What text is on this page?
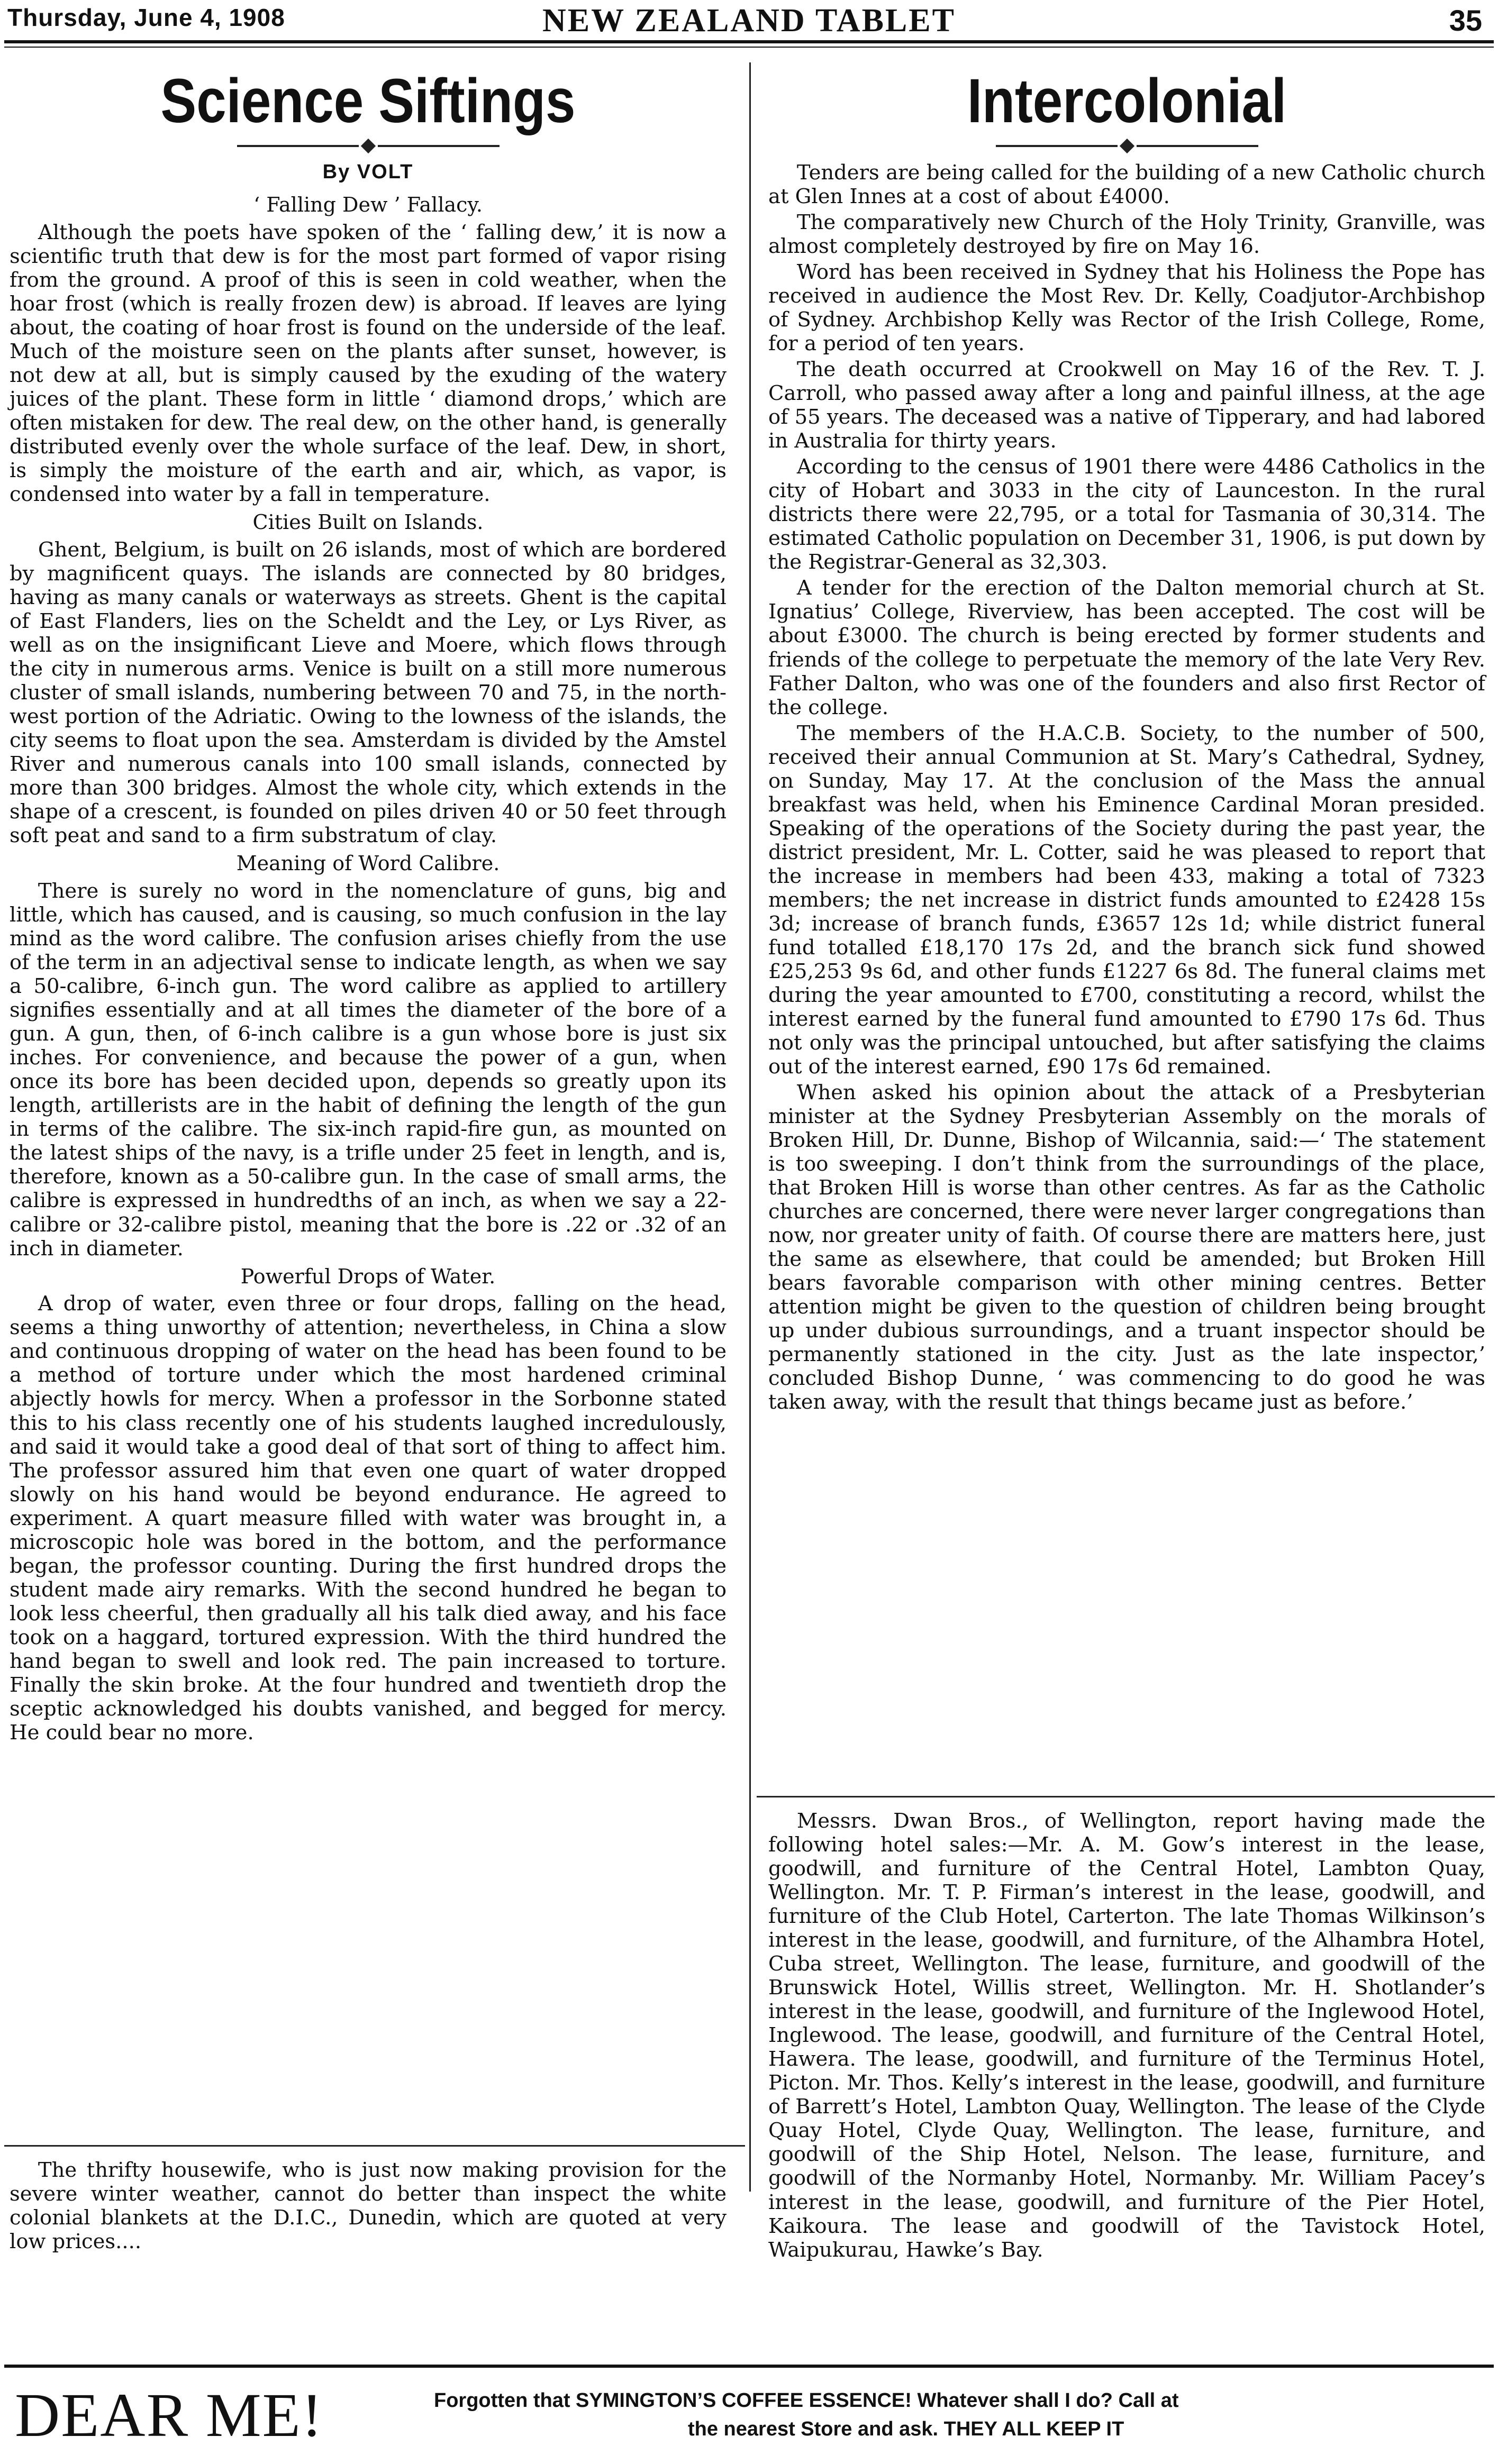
Thursday, June 4, 1908	NEW ZEALAND TABLET	35
Science Siftings
By VOLT
‘ Falling Dew ’ Fallacy.

Although the poets have spoken of the ‘ falling dew,’ it is now a scientific truth that dew is for the most part formed of vapor rising from the ground. A proof of this is seen in cold weather, when the hoar frost (which is really frozen dew) is abroad. If leaves are lying about, the coating of hoar frost is found on the underside of the leaf. Much of the moisture seen on the plants after sunset, however, is not dew at all, but is simply caused by the exuding of the watery juices of the plant. These form in little ‘ diamond drops,’ which are often mistaken for dew. The real dew, on the other hand, is generally distributed evenly over the whole surface of the leaf. Dew, in short, is simply the moisture of the earth and air, which, as vapor, is condensed into water by a fall in temperature.

Cities Built on Islands.

Ghent, Belgium, is built on 26 islands, most of which are bordered by magnificent quays. The islands are connected by 80 bridges, having as many canals or waterways as streets. Ghent is the capital of East Flanders, lies on the Scheldt and the Ley, or Lys River, as well as on the insignificant Lieve and Moere, which flows through the city in numerous arms. Venice is built on a still more numerous cluster of small islands, numbering between 70 and 75, in the north-west portion of the Adriatic. Owing to the lowness of the islands, the city seems to float upon the sea. Amsterdam is divided by the Amstel River and numerous canals into 100 small islands, connected by more than 300 bridges. Almost the whole city, which extends in the shape of a crescent, is founded on piles driven 40 or 50 feet through soft peat and sand to a firm substratum of clay.

Meaning of Word Calibre.

There is surely no word in the nomenclature of guns, big and little, which has caused, and is causing, so much confusion in the lay mind as the word calibre. The confusion arises chiefly from the use of the term in an adjectival sense to indicate length, as when we say a 50-calibre, 6-inch gun. The word calibre as applied to artillery signifies essentially and at all times the diameter of the bore of a gun. A gun, then, of 6-inch calibre is a gun whose bore is just six inches. For convenience, and because the power of a gun, when once its bore has been decided upon, depends so greatly upon its length, artillerists are in the habit of defining the length of the gun in terms of the calibre. The six-inch rapid-fire gun, as mounted on the latest ships of the navy, is a trifle under 25 feet in length, and is, therefore, known as a 50-calibre gun. In the case of small arms, the calibre is expressed in hundredths of an inch, as when we say a 22-calibre or 32-calibre pistol, meaning that the bore is .22 or .32 of an inch in diameter.

Powerful Drops of Water.

A drop of water, even three or four drops, falling on the head, seems a thing unworthy of attention; nevertheless, in China a slow and continuous dropping of water on the head has been found to be a method of torture under which the most hardened criminal abjectly howls for mercy. When a professor in the Sorbonne stated this to his class recently one of his students laughed incredulously, and said it would take a good deal of that sort of thing to affect him. The professor assured him that even one quart of water dropped slowly on his hand would be beyond endurance. He agreed to experiment. A quart measure filled with water was brought in, a microscopic hole was bored in the bottom, and the performance began, the professor counting. During the first hundred drops the student made airy remarks. With the second hundred he began to look less cheerful, then gradually all his talk died away, and his face took on a haggard, tortured expression. With the third hundred the hand began to swell and look red. The pain increased to torture. Finally the skin broke. At the four hundred and twentieth drop the sceptic acknowledged his doubts vanished, and begged for mercy. He could bear no more.

The thrifty housewife, who is just now making provision for the severe winter weather, cannot do better than inspect the white colonial blankets at the D.I.C., Dunedin, which are quoted at very low prices....

Intercolonial

Tenders are being called for the building of a new Catholic church at Glen Innes at a cost of about £4000.

The comparatively new Church of the Holy Trinity, Granville, was almost completely destroyed by fire on May 16.

Word has been received in Sydney that his Holiness the Pope has received in audience the Most Rev. Dr. Kelly, Coadjutor-Archbishop of Sydney. Archbishop Kelly was Rector of the Irish College, Rome, for a period of ten years.

The death occurred at Crookwell on May 16 of the Rev. T. J. Carroll, who passed away after a long and painful illness, at the age of 55 years. The deceased was a native of Tipperary, and had labored in Australia for thirty years.

According to the census of 1901 there were 4486 Catholics in the city of Hobart and 3033 in the city of Launceston. In the rural districts there were 22,795, or a total for Tasmania of 30,314. The estimated Catholic population on December 31, 1906, is put down by the Registrar-General as 32,303.

A tender for the erection of the Dalton memorial church at St. Ignatius’ College, Riverview, has been accepted. The cost will be about £3000. The church is being erected by former students and friends of the college to perpetuate the memory of the late Very Rev. Father Dalton, who was one of the founders and also first Rector of the college.

The members of the H.A.C.B. Society, to the number of 500, received their annual Communion at St. Mary’s Cathedral, Sydney, on Sunday, May 17. At the conclusion of the Mass the annual breakfast was held, when his Eminence Cardinal Moran presided. Speaking of the operations of the Society during the past year, the district president, Mr. L. Cotter, said he was pleased to report that the increase in members had been 433, making a total of 7323 members; the net increase in district funds amounted to £2428 15s 3d; increase of branch funds, £3657 12s 1d; while district funeral fund totalled £18,170 17s 2d, and the branch sick fund showed £25,253 9s 6d, and other funds £1227 6s 8d. The funeral claims met during the year amounted to £700, constituting a record, whilst the interest earned by the funeral fund amounted to £790 17s 6d. Thus not only was the principal untouched, but after satisfying the claims out of the interest earned, £90 17s 6d remained.

When asked his opinion about the attack of a Presbyterian minister at the Sydney Presbyterian Assembly on the morals of Broken Hill, Dr. Dunne, Bishop of Wilcannia, said:—‘ The statement is too sweeping. I don’t think from the surroundings of the place, that Broken Hill is worse than other centres. As far as the Catholic churches are concerned, there were never larger congregations than now, nor greater unity of faith. Of course there are matters here, just the same as elsewhere, that could be amended; but Broken Hill bears favorable comparison with other mining centres. Better attention might be given to the question of children being brought up under dubious surroundings, and a truant inspector should be permanently stationed in the city. Just as the late inspector,’ concluded Bishop Dunne, ‘ was commencing to do good he was taken away, with the result that things became just as before.’

Messrs. Dwan Bros., of Wellington, report having made the following hotel sales:—Mr. A. M. Gow’s interest in the lease, goodwill, and furniture of the Central Hotel, Lambton Quay, Wellington. Mr. T. P. Firman’s interest in the lease, goodwill, and furniture of the Club Hotel, Carterton. The late Thomas Wilkinson’s interest in the lease, goodwill, and furniture, of the Alhambra Hotel, Cuba street, Wellington. The lease, furniture, and goodwill of the Brunswick Hotel, Willis street, Wellington. Mr. H. Shotlander’s interest in the lease, goodwill, and furniture of the Inglewood Hotel, Inglewood. The lease, goodwill, and furniture of the Central Hotel, Hawera. The lease, goodwill, and furniture of the Terminus Hotel, Picton. Mr. Thos. Kelly’s interest in the lease, goodwill, and furniture of Barrett’s Hotel, Lambton Quay, Wellington. The lease of the Clyde Quay Hotel, Clyde Quay, Wellington. The lease, furniture, and goodwill of the Ship Hotel, Nelson. The lease, furniture, and goodwill of the Normanby Hotel, Normanby. Mr. William Pacey’s interest in the lease, goodwill, and furniture of the Pier Hotel, Kaikoura. The lease and goodwill of the Tavistock Hotel, Waipukurau, Hawke’s Bay.

DEAR ME!	Forgotten that SYMINGTON’S COFFEE ESSENCE! Whatever shall I do? Call at
the nearest Store and ask. THEY ALL KEEP IT
